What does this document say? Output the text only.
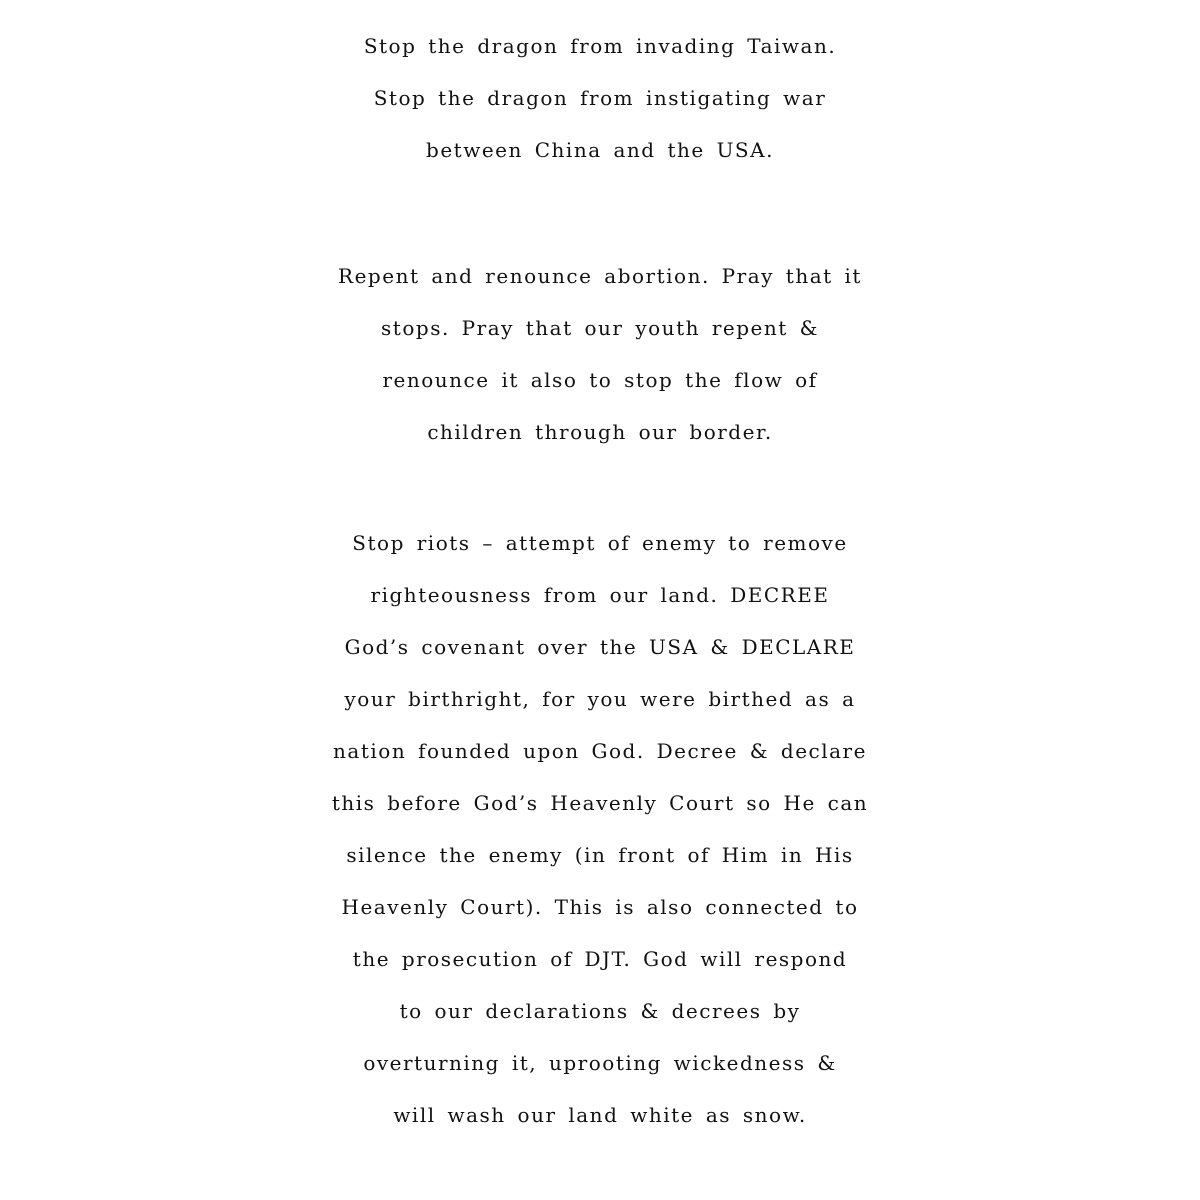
Stop the dragon from invading Taiwan.
Stop the dragon from instigating war
between China and the USA.
Repent and renounce abortion. Pray that it
stops. Pray that our youth repent &
renounce it also to stop the flow of
children through our border.
Stop riots – attempt of enemy to remove
righteousness from our land. DECREE
God’s covenant over the USA & DECLARE
your birthright, for you were birthed as a
nation founded upon God. Decree & declare
this before God’s Heavenly Court so He can
silence the enemy (in front of Him in His
Heavenly Court). This is also connected to
the prosecution of DJT. God will respond
to our declarations & decrees by
overturning it, uprooting wickedness &
will wash our land white as snow.
